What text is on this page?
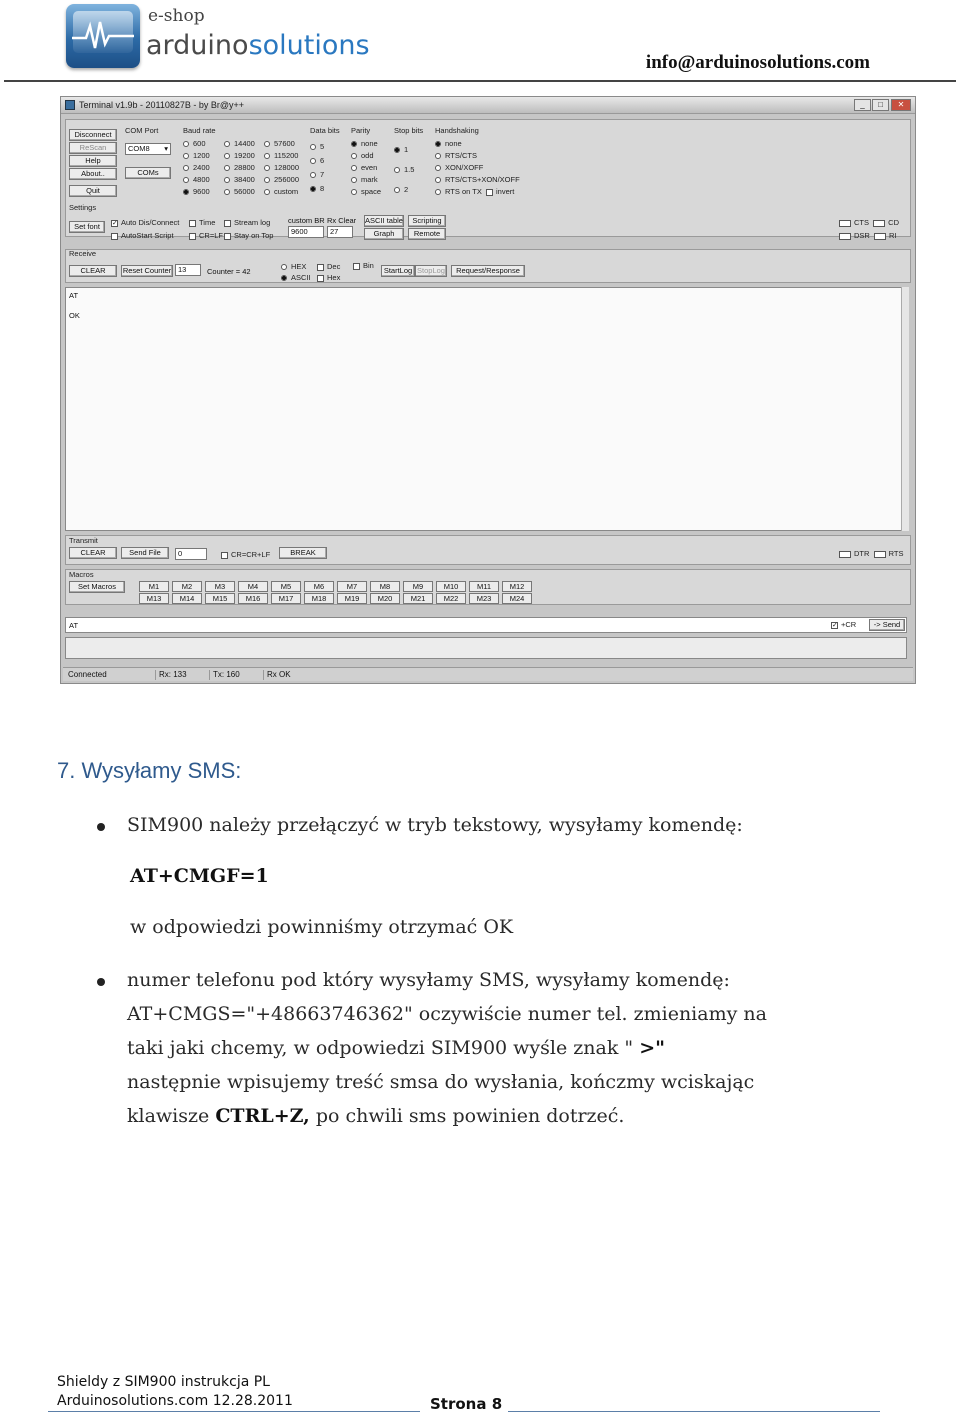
e-shop
arduinosolutions
info@arduinosolutions.com
Terminal v1.9b - 20110827B - by Br@y++	_	□	✕
Disconnect
ReScan
Help
About..
Quit
COM Port
COM8 ▾
COMs
Baud rate
600
1200
2400
4800
9600
14400
19200
28800
38400
56000
57600
115200
128000
256000
custom
Data bits
5
6
7
8
Parity
none
odd
even
mark
space
Stop bits
1
1.5
2
Handshaking
none
RTS/CTS
XON/XOFF
RTS/CTS+XON/XOFF
RTS on TX invert
Settings
Set font	✓ Auto Dis/Connect
AutoStart Script
Time
CR=LF
Stream log
Stay on Top
custom BR
9600
Rx Clear
27
ASCII table	Scripting
Graph	Remote
CTS	CD
DSR	RI
Receive
CLEAR	Reset Counter 13	Counter = 42
HEX
ASCII
Dec
Hex
Bin
StartLog StopLog	Request/Response
AT
OK
Transmit
CLEAR	Send File	0	CR=CR+LF	BREAK	DTR	RTS
Macros
Set Macros
AT	✓ +CR	-> Send
Connected	Rx: 133	Tx: 160	Rx OK
M1	M2	M3	M4	M5	M6	M7	M8	M9	M10	M11	M12
M13	M14	M15	M16	M17	M18	M19	M20	M21	M22	M23	M24
7. Wysyłamy SMS:
SIM900 należy przełączyć w tryb tekstowy, wysyłamy komendę:
AT+CMGF=1
w odpowiedzi powinniśmy otrzymać OK
numer telefonu pod który wysyłamy SMS, wysyłamy komendę:
AT+CMGS="+48663746362" oczywiście numer tel. zmieniamy na
taki jaki chcemy, w odpowiedzi SIM900 wyśle znak " >"
następnie wpisujemy treść smsa do wysłania, kończmy wciskając
klawisze CTRL+Z, po chwili sms powinien dotrzeć.
Shieldy z SIM900 instrukcja PL
Arduinosolutions.com 12.28.2011	Strona 8
